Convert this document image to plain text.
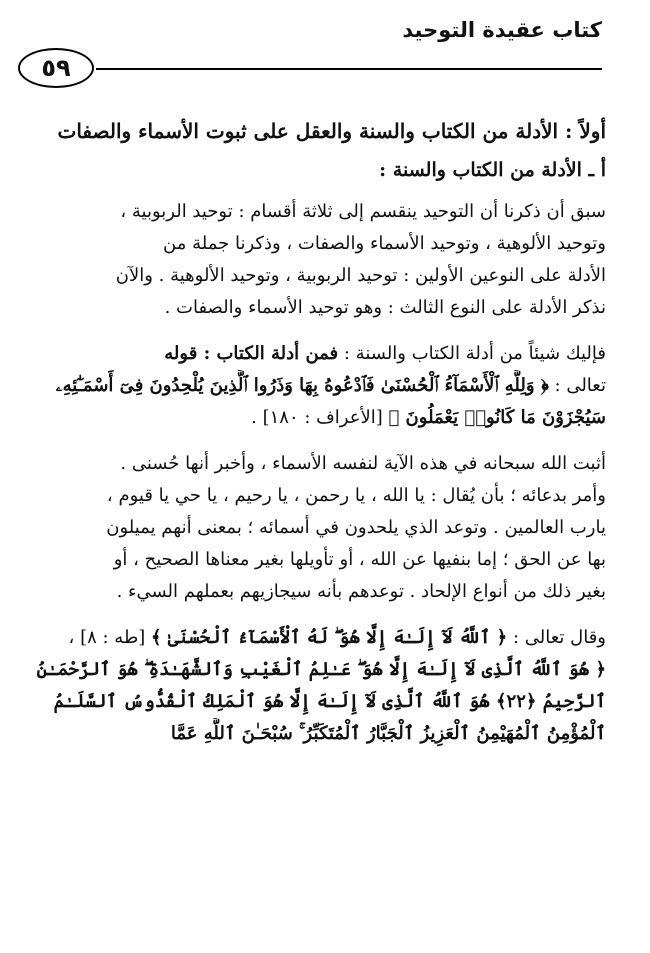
كتاب عقيدة التوحيد
٥٩
أولاً : الأدلة من الكتاب والسنة والعقل على ثبوت الأسماء والصفات
أ ـ الأدلة من الكتاب والسنة :
سبق أن ذكرنا أن التوحيد ينقسم إلى ثلاثة أقسام : توحيد الربوبية ،
وتوحيد الألوهية ، وتوحيد الأسماء والصفات ، وذكرنا جملة من
الأدلة على النوعين الأولين : توحيد الربوبية ، وتوحيد الألوهية . والآن
نذكر الأدلة على النوع الثالث : وهو توحيد الأسماء والصفات .
فإليك شيئاً من أدلة الكتاب والسنة : فمن أدلة الكتاب : قوله
تعالى : ﴿ وَلِلَّهِ ٱلْأَسْمَآءُ ٱلْحُسْنَىٰ فَٱدْعُوهُ بِهَا وَذَرُوا ٱلَّذِينَ يُلْحِدُونَ فِىٓ أَسْمَـٰٓئِهِۦ
سَيُجْزَوْنَ مَا كَانُوا۟ يَعْمَلُونَ ﴾ [الأعراف : ١٨٠] .
أثبت الله سبحانه في هذه الآية لنفسه الأسماء ، وأخبر أنها حُسنى .
وأمر بدعائه ؛ بأن يُقال : يا الله ، يا رحمن ، يا رحيم ، يا حي يا قيوم ،
يارب العالمين . وتوعد الذي يلحدون في أسمائه ؛ بمعنى أنهم يميلون
بها عن الحق ؛ إما بنفيها عن الله ، أو تأويلها بغير معناها الصحيح ، أو
بغير ذلك من أنواع الإلحاد . توعدهم بأنه سيجازيهم بعملهم السيء .
وقال تعالى : ﴿ ٱللَّهُ لَآ إِلَـٰهَ إِلَّا هُوَ ۖ لَهُ ٱلْأَسْمَآءُ ٱلْحُسْنَىٰ ﴾ [طه : ٨] ،
﴿ هُوَ ٱللَّهُ ٱلَّذِى لَآ إِلَـٰهَ إِلَّا هُوَ ۖ عَـٰلِمُ ٱلْغَيْبِ وَٱلشَّهَـٰدَةِ ۖ هُوَ ٱلرَّحْمَـٰنُ
ٱلرَّحِيمُ ﴿٢٢﴾ هُوَ ٱللَّهُ ٱلَّذِى لَآ إِلَـٰهَ إِلَّا هُوَ ٱلْمَلِكُ ٱلْقُدُّوسُ ٱلسَّلَـٰمُ
ٱلْمُؤْمِنُ ٱلْمُهَيْمِنُ ٱلْعَزِيزُ ٱلْجَبَّارُ ٱلْمُتَكَبِّرُ ۚ سُبْحَـٰنَ ٱللَّهِ عَمَّا
